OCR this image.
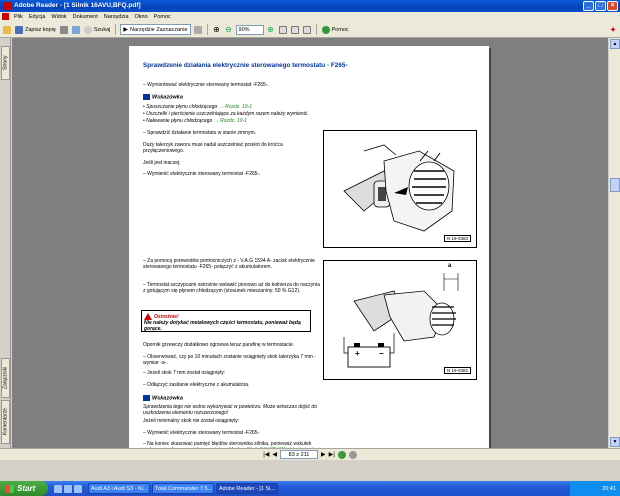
Adobe Reader - [1 Silnik 16AVU,BFQ.pdf]	_	□	×
Plik	Edycja	Widok	Dokument	Narzędzia	Okno	Pomoc
Zapisz kopię	Szukaj ▶ Narzędzie Zaznaczanie	⊕ ⊖	90%	⊕	Pomoc	✦
Strony
Załączniki
Komentarze
Sprawdzenie działania elektrycznie sterowanego termostatu - F265-
– Wymontować elektrycznie sterowany termostat -F265-.
Wskazówka
• Spuszczanie płynu chłodzącego → Rozdz. 19-1
• Uszczelki i pierścienie uszczelniające za każdym razem należy wymienić.
• Nalewanie płynu chłodzącego → Rozdz. 19-1
– Sprawdzić działanie termostatu w stanie zimnym.
Duży talerzyk zaworu musi nadal uszczelniać przelot do króćca przyłączeniowego.
Jeśli jest inaczej:
– Wymienić elektrycznie sterowany termostat -F265-.
N 19-0383
– Za pomocą przewodów pomocniczych z - V.A.G 1594 A- zacisk elektrycznie sterowanego termostatu -F265- połączyć z akumulatorem.
– Termostat szczypcami ostrożnie wstawić pionowo aż do kołnierza do naczynia z gotującym się płynem chłodzącym (stosunek mieszaniny: 50 % G12).
Ostrożnie!
Nie należy dotykać metalowych części termostatu, ponieważ będą gorące.
a
+ −
N 19-0382
Opornik grzewczy dodatkowo ogrzewa teraz parafinę w termostacie.
– Obserwować, czy po 10 minutach zostanie osiągnięty skok talerzyka 7 mm - wymiar -a-.
– Jeżeli skok 7 mm został osiągnięty:
– Odłączyć zasilanie elektryczne z akumulatora.
Wskazówka
Sprawdzenia tego nie wolno wykonywać w powietrzu. Może wówczas dojść do uszkodzenia elementu rozszerzonego!
Jeżeli minimalny skok nie został osiągnięty:
– Wymienić elektrycznie sterowany termostat -F265-.
– Na koniec skasować pamięć błędów sterownika silnika, ponieważ wskutek
▲
▼
|◀ ◀	83 z 211	▶ ▶|
Start	Audi A3 i Audi S3 - Ki...	Total Commander 7.5...	Adobe Reader - [1 Si...	20:41
